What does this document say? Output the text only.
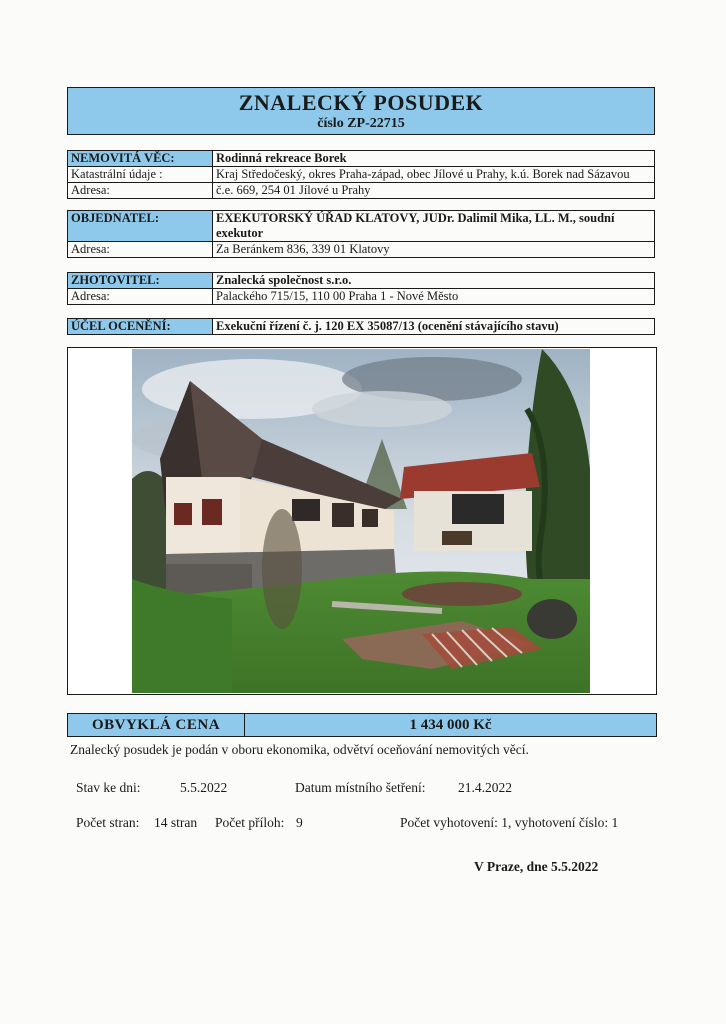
ZNALECKÝ POSUDEK
číslo ZP-22715
NEMOVITÁ VĚC:	Rodinná rekreace Borek
Katastrální údaje :	Kraj Středočeský, okres Praha-západ, obec Jílové u Prahy, k.ú. Borek nad Sázavou
Adresa:	č.e. 669, 254 01 Jílové u Prahy
OBJEDNATEL:	EXEKUTORSKÝ ÚŘAD KLATOVY, JUDr. Dalimil Mika, LL. M., soudní exekutor
Adresa:	Za Beránkem 836, 339 01 Klatovy
ZHOTOVITEL:	Znalecká společnost s.r.o.
Adresa:	Palackého 715/15, 110 00 Praha 1 - Nové Město
ÚČEL OCENĚNÍ:	Exekuční řízení č. j. 120 EX 35087/13 (ocenění stávajícího stavu)
OBVYKLÁ CENA	1 434 000 Kč
Znalecký posudek je podán v oboru ekonomika, odvětví oceňování nemovitých věcí.
Stav ke dni:	5.5.2022	Datum místního šetření: 21.4.2022
Počet stran: 14 stran Počet příloh: 9	Počet vyhotovení: 1, vyhotovení číslo: 1
V Praze, dne 5.5.2022
